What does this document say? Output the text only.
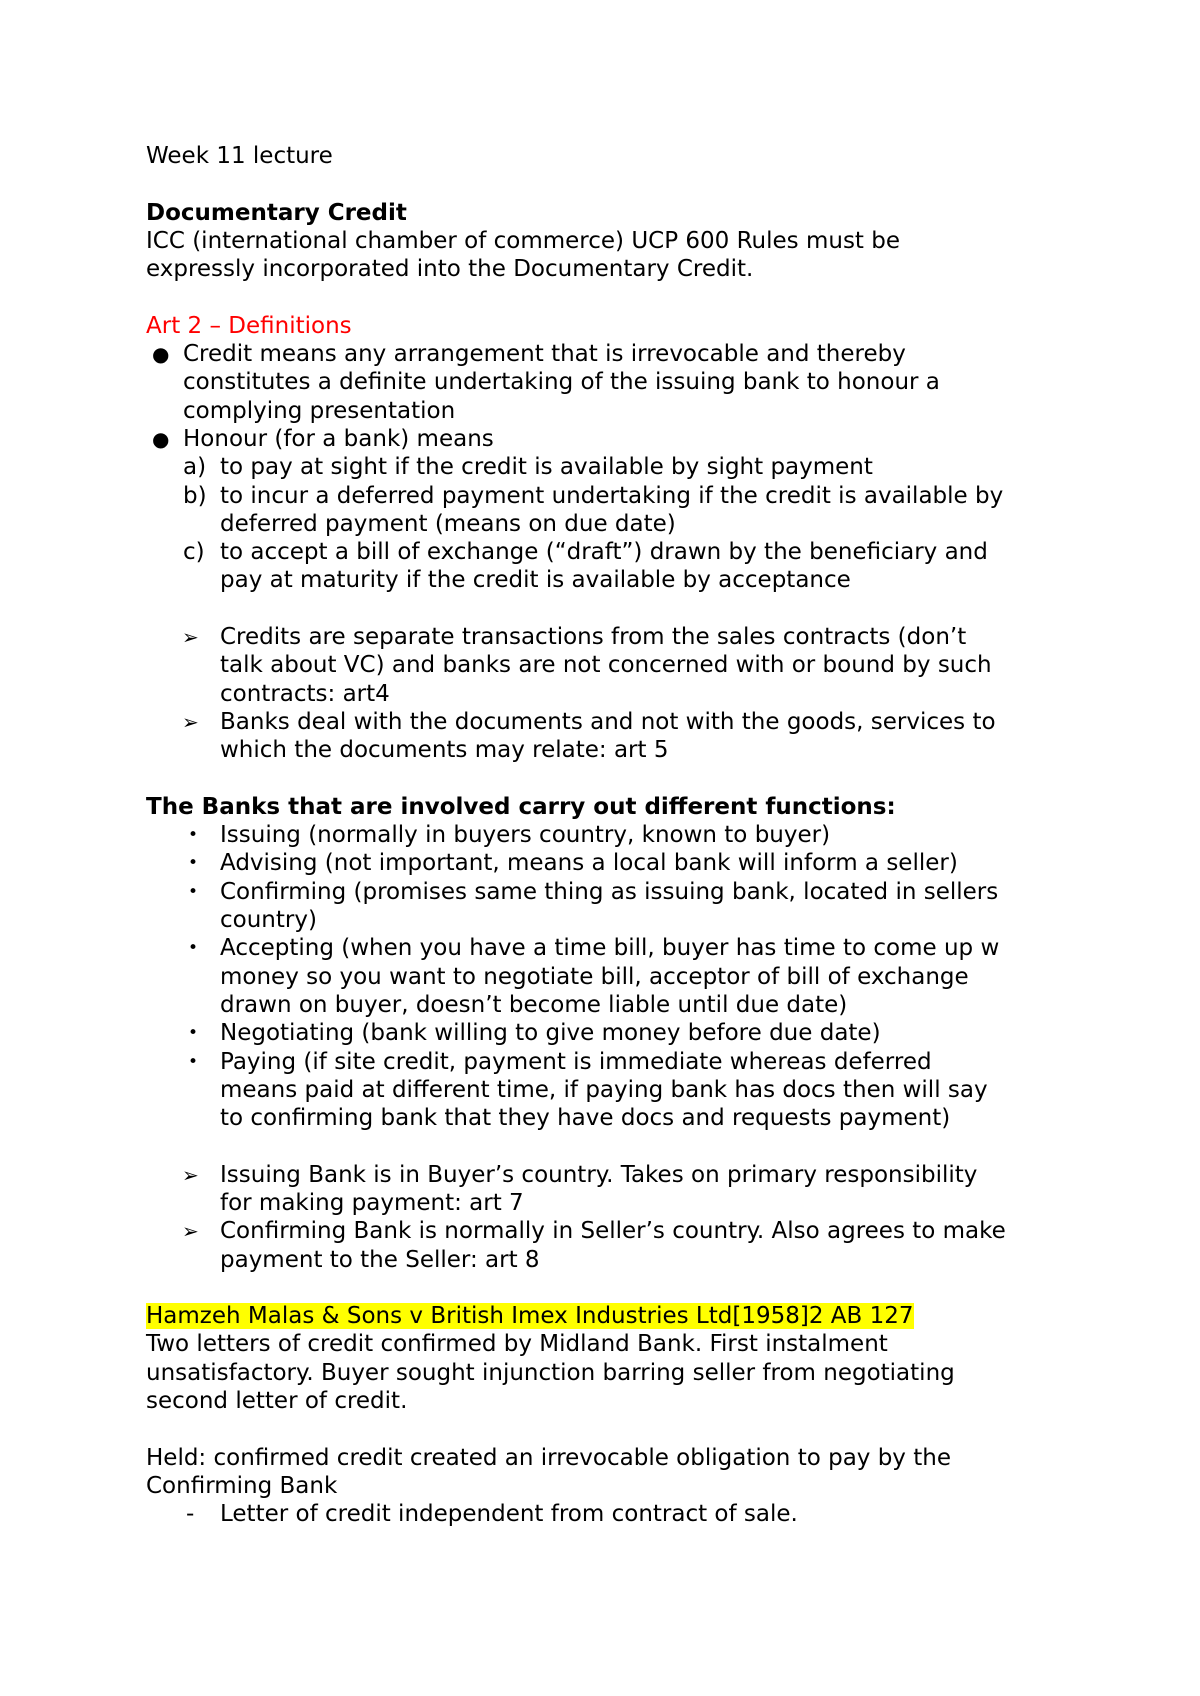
Week 11 lecture

Documentary Credit

ICC (international chamber of commerce) UCP 600 Rules must be
expressly incorporated into the Documentary Credit.

Art 2 – Definitions

● Credit means any arrangement that is irrevocable and thereby
constitutes a definite undertaking of the issuing bank to honour a
complying presentation
● Honour (for a bank) means
a) to pay at sight if the credit is available by sight payment
b) to incur a deferred payment undertaking if the credit is available by
deferred payment (means on due date)
c) to accept a bill of exchange (“draft”) drawn by the beneficiary and
pay at maturity if the credit is available by acceptance
➢ Credits are separate transactions from the sales contracts (don’t
talk about VC) and banks are not concerned with or bound by such
contracts: art4
➢ Banks deal with the documents and not with the goods, services to
which the documents may relate: art 5

The Banks that are involved carry out different functions:

• Issuing (normally in buyers country, known to buyer)
• Advising (not important, means a local bank will inform a seller)
• Confirming (promises same thing as issuing bank, located in sellers
country)
• Accepting (when you have a time bill, buyer has time to come up w
money so you want to negotiate bill, acceptor of bill of exchange
drawn on buyer, doesn’t become liable until due date)
• Negotiating (bank willing to give money before due date)
• Paying (if site credit, payment is immediate whereas deferred
means paid at different time, if paying bank has docs then will say
to confirming bank that they have docs and requests payment)
➢ Issuing Bank is in Buyer’s country. Takes on primary responsibility
for making payment: art 7
➢ Confirming Bank is normally in Seller’s country. Also agrees to make
payment to the Seller: art 8

Hamzeh Malas & Sons v British Imex Industries Ltd[1958]2 AB 127

Two letters of credit confirmed by Midland Bank. First instalment
unsatisfactory. Buyer sought injunction barring seller from negotiating
second letter of credit.
Held: confirmed credit created an irrevocable obligation to pay by the
Confirming Bank
- Letter of credit independent from contract of sale.
